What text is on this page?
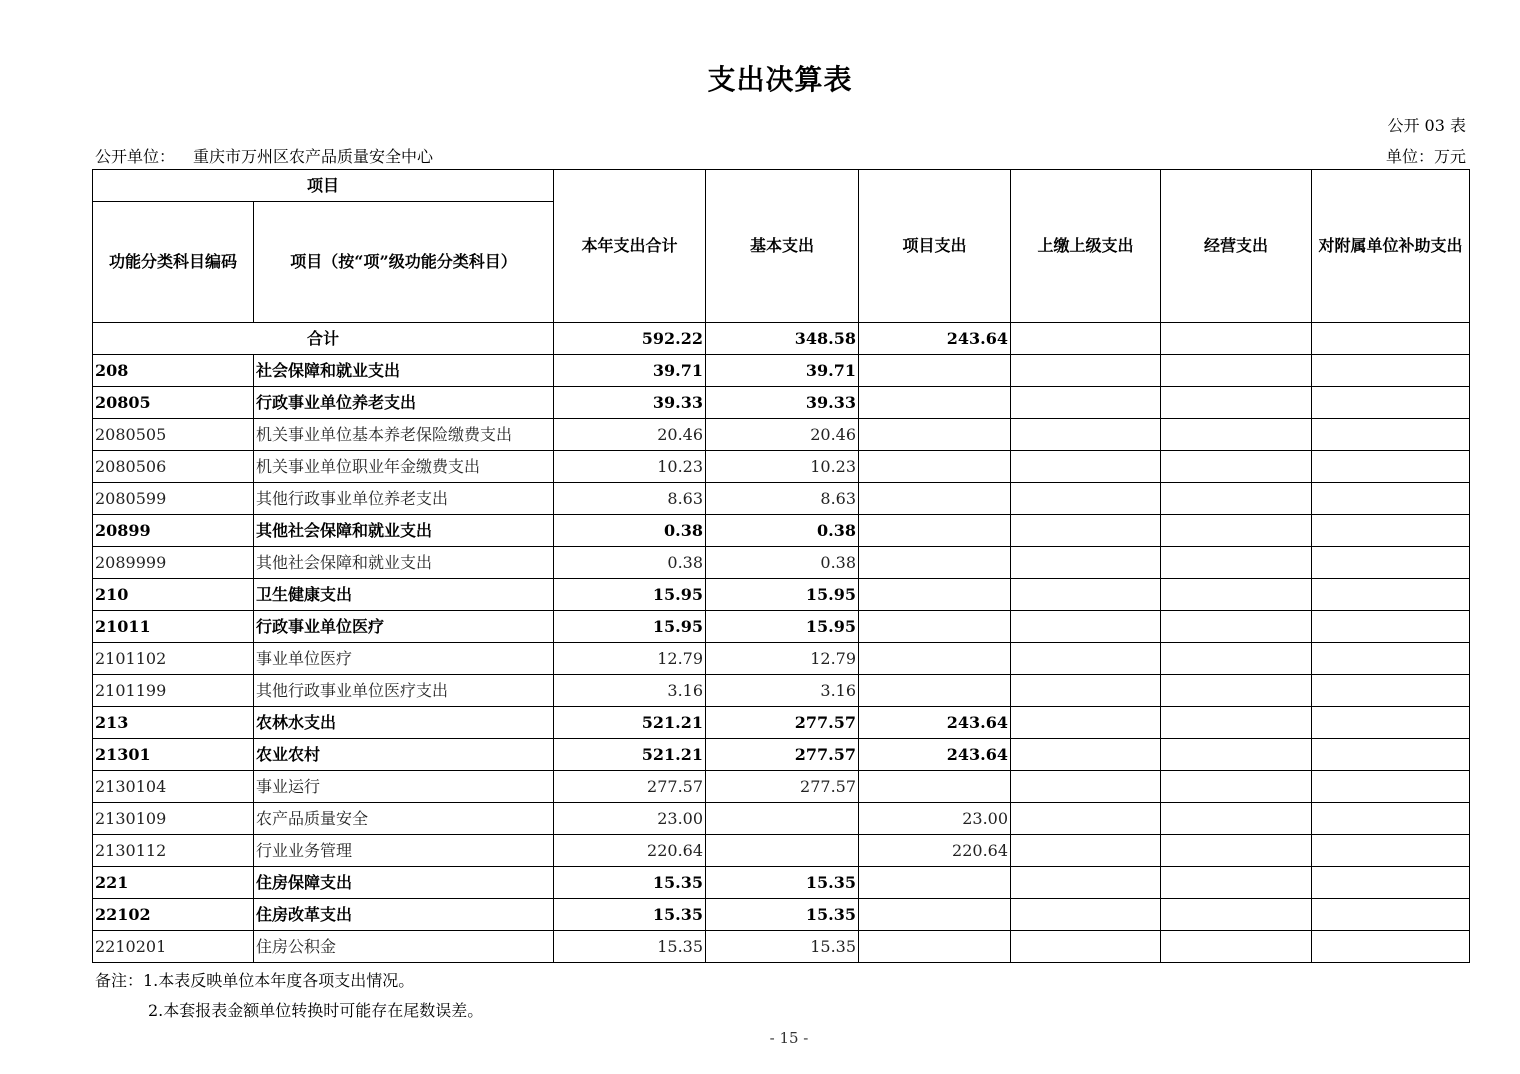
支出决算表
公开 03 表
公开单位： 重庆市万州区农产品质量安全中心	单位：万元
项目		本年支出合计	基本支出	项目支出	上缴上级支出	经营支出	对附属单位补助支出
功能分类科目编码	项目（按“项”级功能分类科目）						
合计		592.22	348.58	243.64			
208	社会保障和就业支出	39.71	39.71				
20805	行政事业单位养老支出	39.33	39.33				
2080505	机关事业单位基本养老保险缴费支出	20.46	20.46				
2080506	机关事业单位职业年金缴费支出	10.23	10.23				
2080599	其他行政事业单位养老支出	8.63	8.63				
20899	其他社会保障和就业支出	0.38	0.38				
2089999	其他社会保障和就业支出	0.38	0.38				
210	卫生健康支出	15.95	15.95				
21011	行政事业单位医疗	15.95	15.95				
2101102	事业单位医疗	12.79	12.79				
2101199	其他行政事业单位医疗支出	3.16	3.16				
213	农林水支出	521.21	277.57	243.64			
21301	农业农村	521.21	277.57	243.64			
2130104	事业运行	277.57	277.57				
2130109	农产品质量安全	23.00		23.00			
2130112	行业业务管理	220.64		220.64			
221	住房保障支出	15.35	15.35				
22102	住房改革支出	15.35	15.35				
2210201	住房公积金	15.35	15.35				
备注：1.本表反映单位本年度各项支出情况。
2.本套报表金额单位转换时可能存在尾数误差。
- 15 -
